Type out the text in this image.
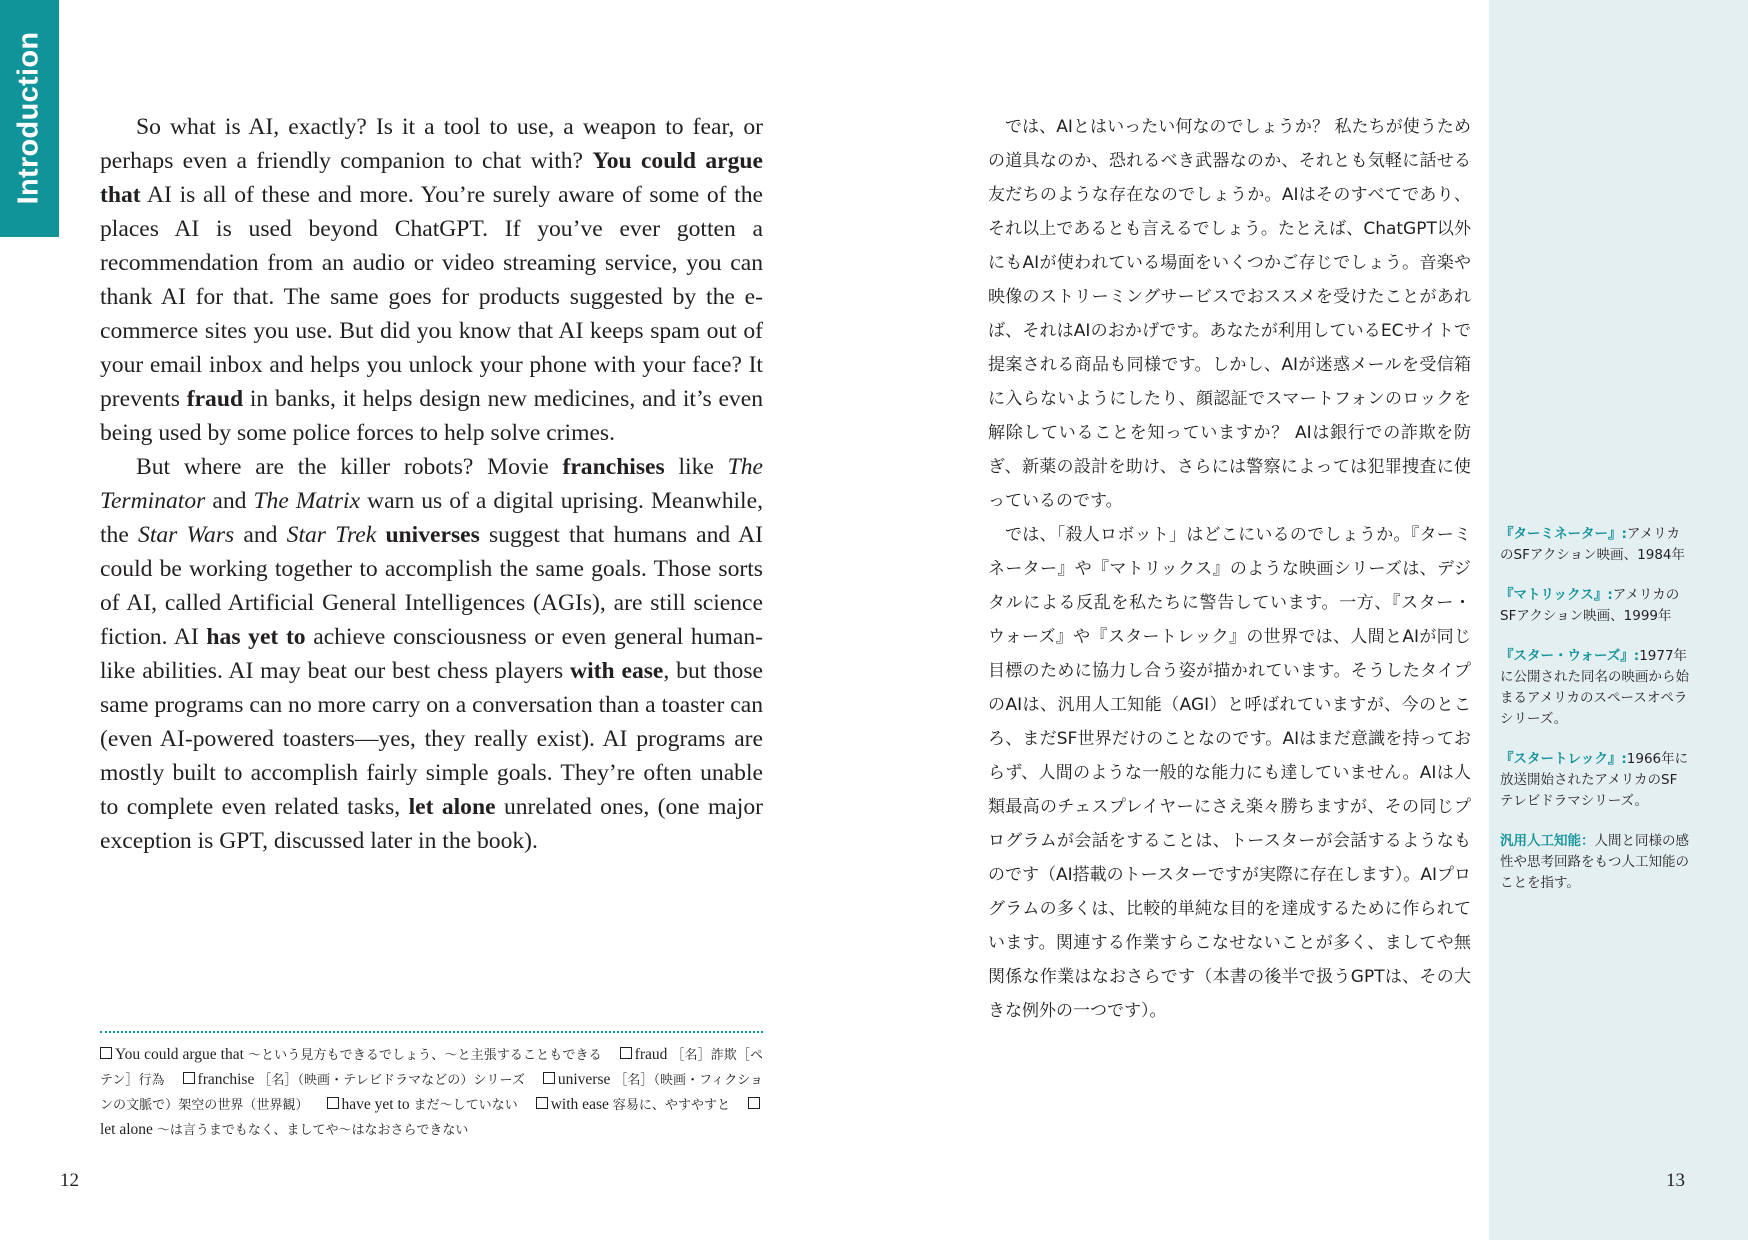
Introduction	So what is AI, exactly? Is it a tool to use, a weapon to fear, or perhaps even a friendly companion to chat with? You could argue that AI is all of these and more. You’re surely aware of some of the places AI is used beyond ChatGPT. If you’ve ever gotten a recommendation from an audio or video streaming service, you can thank AI for that. The same goes for products suggested by the e-commerce sites you use. But did you know that AI keeps spam out of your email inbox and helps you unlock your phone with your face? It prevents fraud in banks, it helps design new medicines, and it’s even being used by some police forces to help solve crimes.

But where are the killer robots? Movie franchises like The Terminator and The Matrix warn us of a digital uprising. Meanwhile, the Star Wars and Star Trek universes suggest that humans and AI could be working together to accomplish the same goals. Those sorts of AI, called Artificial General Intelligences (AGIs), are still science fiction. AI has yet to achieve consciousness or even general human-like abilities. AI may beat our best chess players with ease, but those same programs can no more carry on a conversation than a toaster can (even AI-powered toasters—yes, they really exist). AI programs are mostly built to accomplish fairly simple goals. They’re often unable to complete even related tasks, let alone unrelated ones, (one major exception is GPT, discussed later in the book).

You could argue that ～という見方もできるでしょう、～と主張することもできる fraud ［名］詐欺［ペテン］行為 franchise ［名］（映画・テレビドラマなどの）シリーズ universe ［名］（映画・フィクションの文脈で）架空の世界（世界観） have yet to まだ～していない with ease 容易に、やすやすと let alone ～は言うまでもなく、ましてや～はなおさらできない
12

では、AIとはいったい何なのでしょうか？ 私たちが使うための道具なのか、恐れるべき武器なのか、それとも気軽に話せる友だちのような存在なのでしょうか。AIはそのすべてであり、それ以上であるとも言えるでしょう。たとえば、ChatGPT以外にもAIが使われている場面をいくつかご存じでしょう。音楽や映像のストリーミングサービスでおススメを受けたことがあれば、それはAIのおかげです。あなたが利用しているECサイトで提案される商品も同様です。しかし、AIが迷惑メールを受信箱に入らないようにしたり、顔認証でスマートフォンのロックを解除していることを知っていますか？ AIは銀行での詐欺を防ぎ、新薬の設計を助け、さらには警察によっては犯罪捜査に使っているのです。

では、「殺人ロボット」はどこにいるのでしょうか。『ターミネーター』や『マトリックス』のような映画シリーズは、デジタルによる反乱を私たちに警告しています。一方、『スター・ウォーズ』や『スタートレック』の世界では、人間とAIが同じ目標のために協力し合う姿が描かれています。そうしたタイプのAIは、汎用人工知能（AGI）と呼ばれていますが、今のところ、まだSF世界だけのことなのです。AIはまだ意識を持っておらず、人間のような一般的な能力にも達していません。AIは人類最高のチェスプレイヤーにさえ楽々勝ちますが、その同じプログラムが会話をすることは、トースターが会話するようなものです（AI搭載のトースターですが実際に存在します）。AIプログラムの多くは、比較的単純な目的を達成するために作られています。関連する作業すらこなせないことが多く、ましてや無関係な作業はなおさらです（本書の後半で扱うGPTは、その大きな例外の一つです）。

『ターミネーター』:アメリカのSFアクション映画、1984年
『マトリックス』:アメリカのSFアクション映画、1999年
『スター・ウォーズ』:1977年に公開された同名の映画から始まるアメリカのスペースオペラシリーズ。
『スタートレック』:1966年に放送開始されたアメリカのSFテレビドラマシリーズ。
汎用人工知能：人間と同様の感性や思考回路をもつ人工知能のことを指す。
13
